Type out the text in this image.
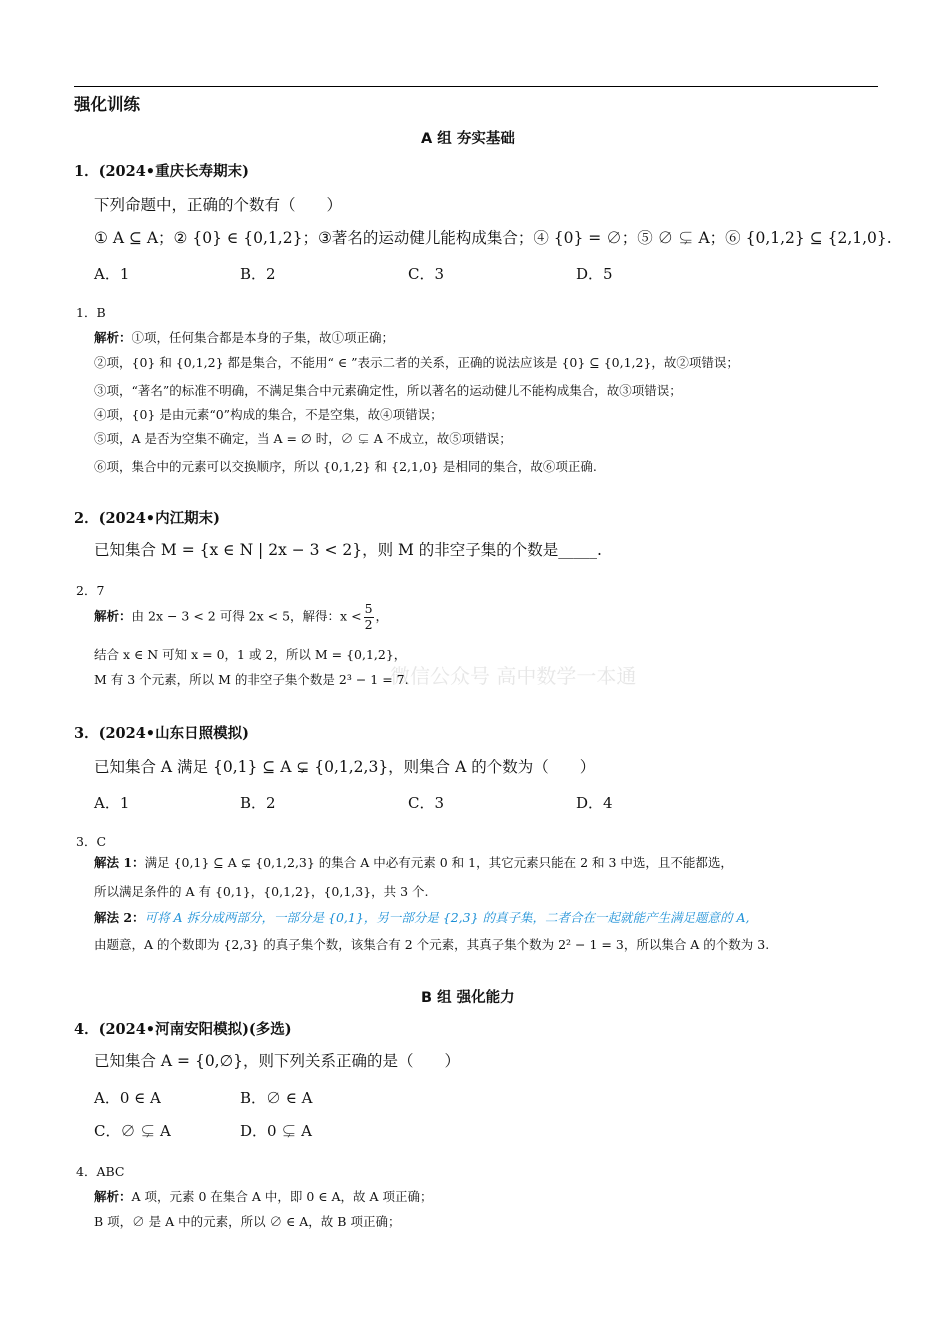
强化训练
微信公众号 高中数学一本通
A 组 夯实基础
1．(2024•重庆长寿期末)
下列命题中，正确的个数有（　　）
① A ⊆ A；② {0} ∈ {0,1,2}；③著名的运动健儿能构成集合；④ {0} = ∅；⑤ ∅ ⊊ A；⑥ {0,1,2} ⊆ {2,1,0}.
A．1	B．2	C．3	D．5
1．B
解析：①项，任何集合都是本身的子集，故①项正确；
②项，{0} 和 {0,1,2} 都是集合，不能用“ ∈ ”表示二者的关系，正确的说法应该是 {0} ⊆ {0,1,2}，故②项错误；
③项，“著名”的标准不明确，不满足集合中元素确定性，所以著名的运动健儿不能构成集合，故③项错误；
④项，{0} 是由元素“0”构成的集合，不是空集，故④项错误；
⑤项，A 是否为空集不确定，当 A = ∅ 时，∅ ⊊ A 不成立，故⑤项错误；
⑥项，集合中的元素可以交换顺序，所以 {0,1,2} 和 {2,1,0} 是相同的集合，故⑥项正确.
2．(2024•内江期末)
已知集合 M = {x ∈ N | 2x − 3 < 2}，则 M 的非空子集的个数是_____.
2．7
解析：由 2x − 3 < 2 可得 2x < 5，解得：$x < \frac{5}{2}$ ，
结合 x ∈ N 可知 x = 0，1 或 2，所以 M = {0,1,2}，
M 有 3 个元素，所以 M 的非空子集个数是 2³ − 1 = 7.
3．(2024•山东日照模拟)
已知集合 A 满足 {0,1} ⊆ A ⊊ {0,1,2,3}，则集合 A 的个数为（　　）
A．1	B．2	C．3	D．4
3．C
解法 1：满足 {0,1} ⊆ A ⊊ {0,1,2,3} 的集合 A 中必有元素 0 和 1，其它元素只能在 2 和 3 中选，且不能都选，
所以满足条件的 A 有 {0,1}，{0,1,2}，{0,1,3}，共 3 个.
解法 2：可将 A 拆分成两部分，一部分是 {0,1}，另一部分是 {2,3} 的真子集，二者合在一起就能产生满足题意的 A,
由题意，A 的个数即为 {2,3} 的真子集个数，该集合有 2 个元素，其真子集个数为 2² − 1 = 3，所以集合 A 的个数为 3.
B 组 强化能力
4．(2024•河南安阳模拟)(多选)
已知集合 A = {0,∅}，则下列关系正确的是（　　）
A．0 ∈ A	B．∅ ∈ A
C．∅ ⊊ A	D．0 ⊊ A
4．ABC
解析：A 项，元素 0 在集合 A 中，即 0 ∈ A，故 A 项正确；
B 项，∅ 是 A 中的元素，所以 ∅ ∈ A，故 B 项正确；
